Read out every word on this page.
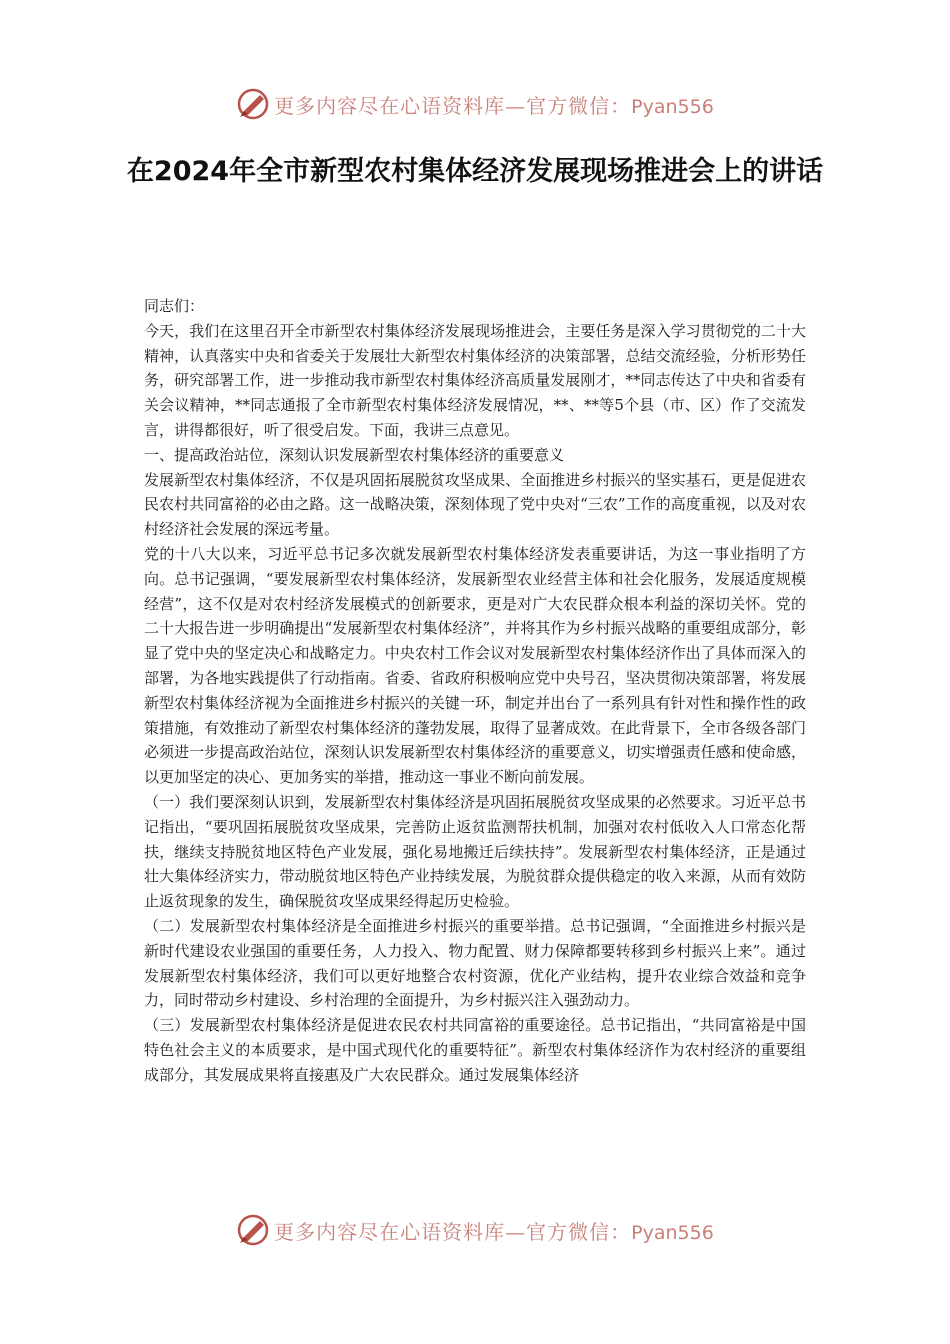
更多内容尽在心语资料库—官方微信：Pyan556
在2024年全市新型农村集体经济发展现场推进会上的讲话

同志们：

今天，我们在这里召开全市新型农村集体经济发展现场推进会，主要任务是深入学习贯彻党的二十大精神，认真落实中央和省委关于发展壮大新型农村集体经济的决策部署，总结交流经验，分析形势任务，研究部署工作，进一步推动我市新型农村集体经济高质量发展刚才，**同志传达了中央和省委有关会议精神，**同志通报了全市新型农村集体经济发展情况，**、**等5个县（市、区）作了交流发言，讲得都很好，听了很受启发。下面，我讲三点意见。

一、提高政治站位，深刻认识发展新型农村集体经济的重要意义

发展新型农村集体经济，不仅是巩固拓展脱贫攻坚成果、全面推进乡村振兴的坚实基石，更是促进农民农村共同富裕的必由之路。这一战略决策，深刻体现了党中央对“三农”工作的高度重视，以及对农村经济社会发展的深远考量。

党的十八大以来，习近平总书记多次就发展新型农村集体经济发表重要讲话，为这一事业指明了方向。总书记强调，“要发展新型农村集体经济，发展新型农业经营主体和社会化服务，发展适度规模经营”，这不仅是对农村经济发展模式的创新要求，更是对广大农民群众根本利益的深切关怀。党的二十大报告进一步明确提出“发展新型农村集体经济”，并将其作为乡村振兴战略的重要组成部分，彰显了党中央的坚定决心和战略定力。中央农村工作会议对发展新型农村集体经济作出了具体而深入的部署，为各地实践提供了行动指南。省委、省政府积极响应党中央号召，坚决贯彻决策部署，将发展新型农村集体经济视为全面推进乡村振兴的关键一环，制定并出台了一系列具有针对性和操作性的政策措施，有效推动了新型农村集体经济的蓬勃发展，取得了显著成效。在此背景下，全市各级各部门必须进一步提高政治站位，深刻认识发展新型农村集体经济的重要意义，切实增强责任感和使命感，以更加坚定的决心、更加务实的举措，推动这一事业不断向前发展。

（一）我们要深刻认识到，发展新型农村集体经济是巩固拓展脱贫攻坚成果的必然要求。习近平总书记指出，“要巩固拓展脱贫攻坚成果，完善防止返贫监测帮扶机制，加强对农村低收入人口常态化帮扶，继续支持脱贫地区特色产业发展，强化易地搬迁后续扶持”。发展新型农村集体经济，正是通过壮大集体经济实力，带动脱贫地区特色产业持续发展，为脱贫群众提供稳定的收入来源，从而有效防止返贫现象的发生，确保脱贫攻坚成果经得起历史检验。

（二）发展新型农村集体经济是全面推进乡村振兴的重要举措。总书记强调，“全面推进乡村振兴是新时代建设农业强国的重要任务，人力投入、物力配置、财力保障都要转移到乡村振兴上来”。通过发展新型农村集体经济，我们可以更好地整合农村资源，优化产业结构，提升农业综合效益和竞争力，同时带动乡村建设、乡村治理的全面提升，为乡村振兴注入强劲动力。

（三）发展新型农村集体经济是促进农民农村共同富裕的重要途径。总书记指出，“共同富裕是中国特色社会主义的本质要求，是中国式现代化的重要特征”。新型农村集体经济作为农村经济的重要组成部分，其发展成果将直接惠及广大农民群众。通过发展集体经济

更多内容尽在心语资料库—官方微信：Pyan556
